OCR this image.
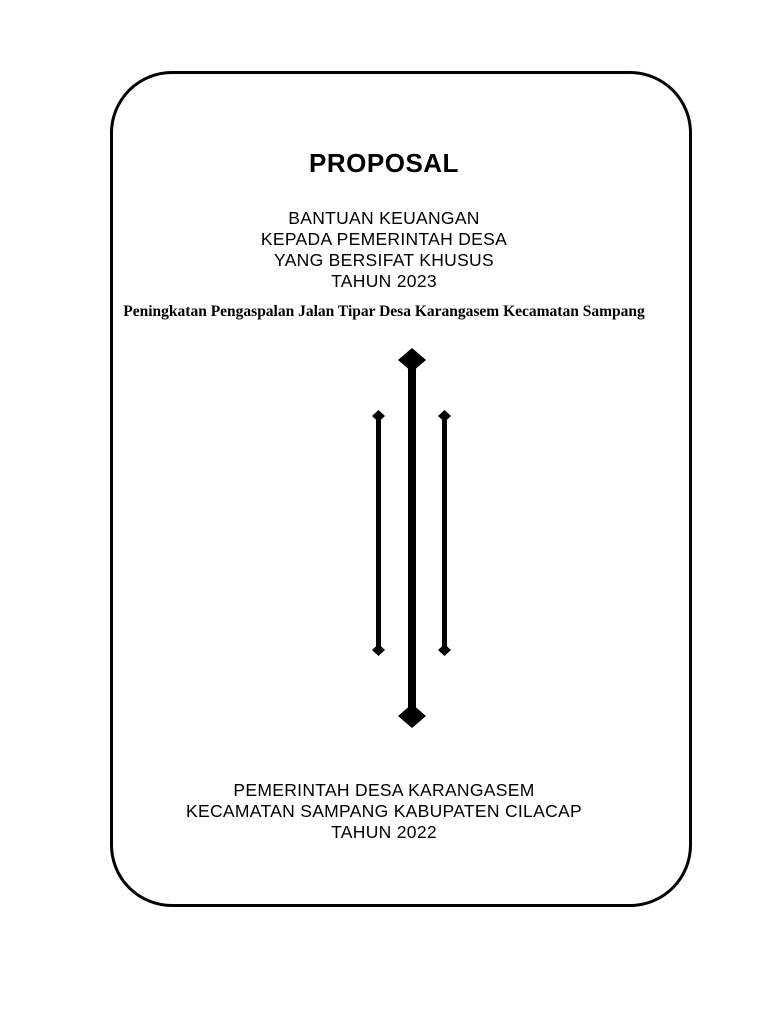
PROPOSAL
BANTUAN KEUANGAN
KEPADA PEMERINTAH DESA
YANG BERSIFAT KHUSUS
TAHUN 2023
Peningkatan Pengaspalan Jalan Tipar Desa Karangasem Kecamatan Sampang
PEMERINTAH DESA KARANGASEM
KECAMATAN SAMPANG KABUPATEN CILACAP
TAHUN 2022
